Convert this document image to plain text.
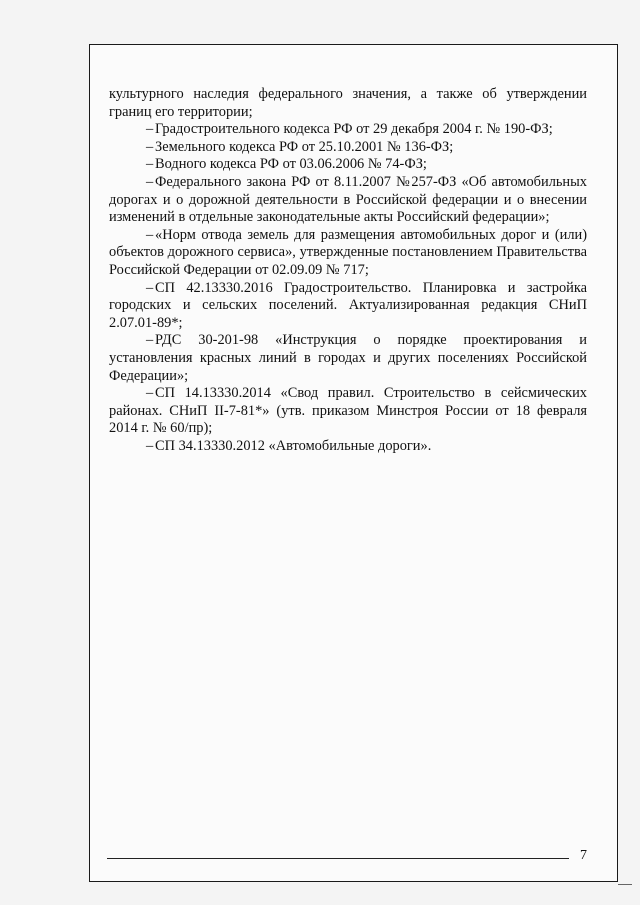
культурного наследия федерального значения, а также об утверждении границ его территории;

– Градостроительного кодекса РФ от 29 декабря 2004 г. № 190-ФЗ;

– Земельного кодекса РФ от 25.10.2001 № 136-ФЗ;

– Водного кодекса РФ от 03.06.2006 № 74-ФЗ;

– Федерального закона РФ от 8.11.2007 №257-ФЗ «Об автомобильных дорогах и о дорожной деятельности в Российской федерации и о внесении изменений в отдельные законодательные акты Российский федерации»;

– «Норм отвода земель для размещения автомобильных дорог и (или) объектов дорожного сервиса», утвержденные постановлением Правительства Российской Федерации от 02.09.09 № 717;

– СП 42.13330.2016 Градостроительство. Планировка и застройка городских и сельских поселений. Актуализированная редакция СНиП 2.07.01-89*;

– РДС 30-201-98 «Инструкция о порядке проектирования и установления красных линий в городах и других поселениях Российской Федерации»;

– СП 14.13330.2014 «Свод правил. Строительство в сейсмических районах. СНиП II-7-81*» (утв. приказом Минстроя России от 18 февраля 2014 г. № 60/пр);

– СП 34.13330.2012 «Автомобильные дороги».

7
